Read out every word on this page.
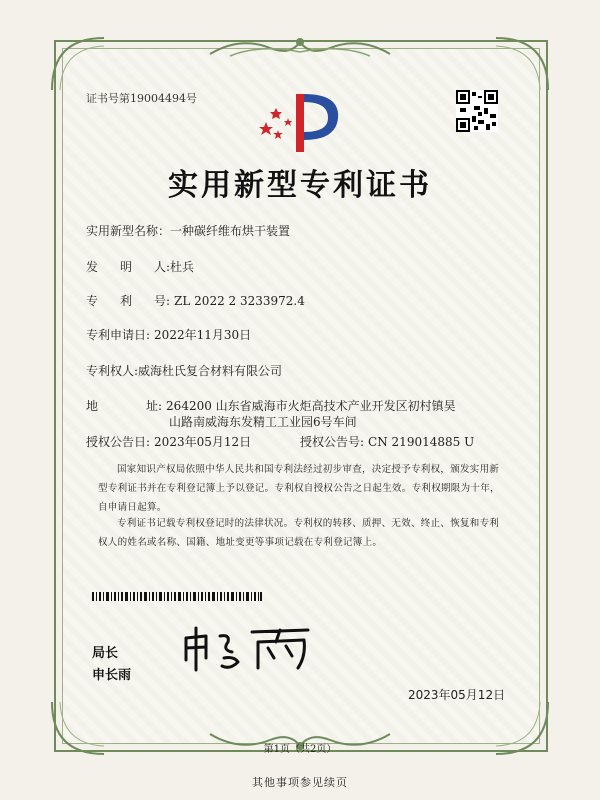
证书号第19004494号
实用新型专利证书
实用新型名称：一种碳纤维布烘干装置
发 明 人:杜兵
专 利 号: ZL 2022 2 3233972.4
专利申请日: 2022年11月30日
专利权人:威海杜氏复合材料有限公司
地	址: 264200 山东省威海市火炬高技术产业开发区初村镇昊
山路南威海东发精工工业园6号车间
授权公告日: 2023年05月12日	授权公告号: CN 219014885 U
国家知识产权局依照中华人民共和国专利法经过初步审查，决定授予专利权，颁发实用新型专利证书并在专利登记簿上予以登记。专利权自授权公告之日起生效。专利权期限为十年，自申请日起算。
专利证书记载专利权登记时的法律状况。专利权的转移、质押、无效、终止、恢复和专利权人的姓名或名称、国籍、地址变更等事项记载在专利登记簿上。
局长
申长雨
2023年05月12日
第1页（共2页）
其他事项参见续页
